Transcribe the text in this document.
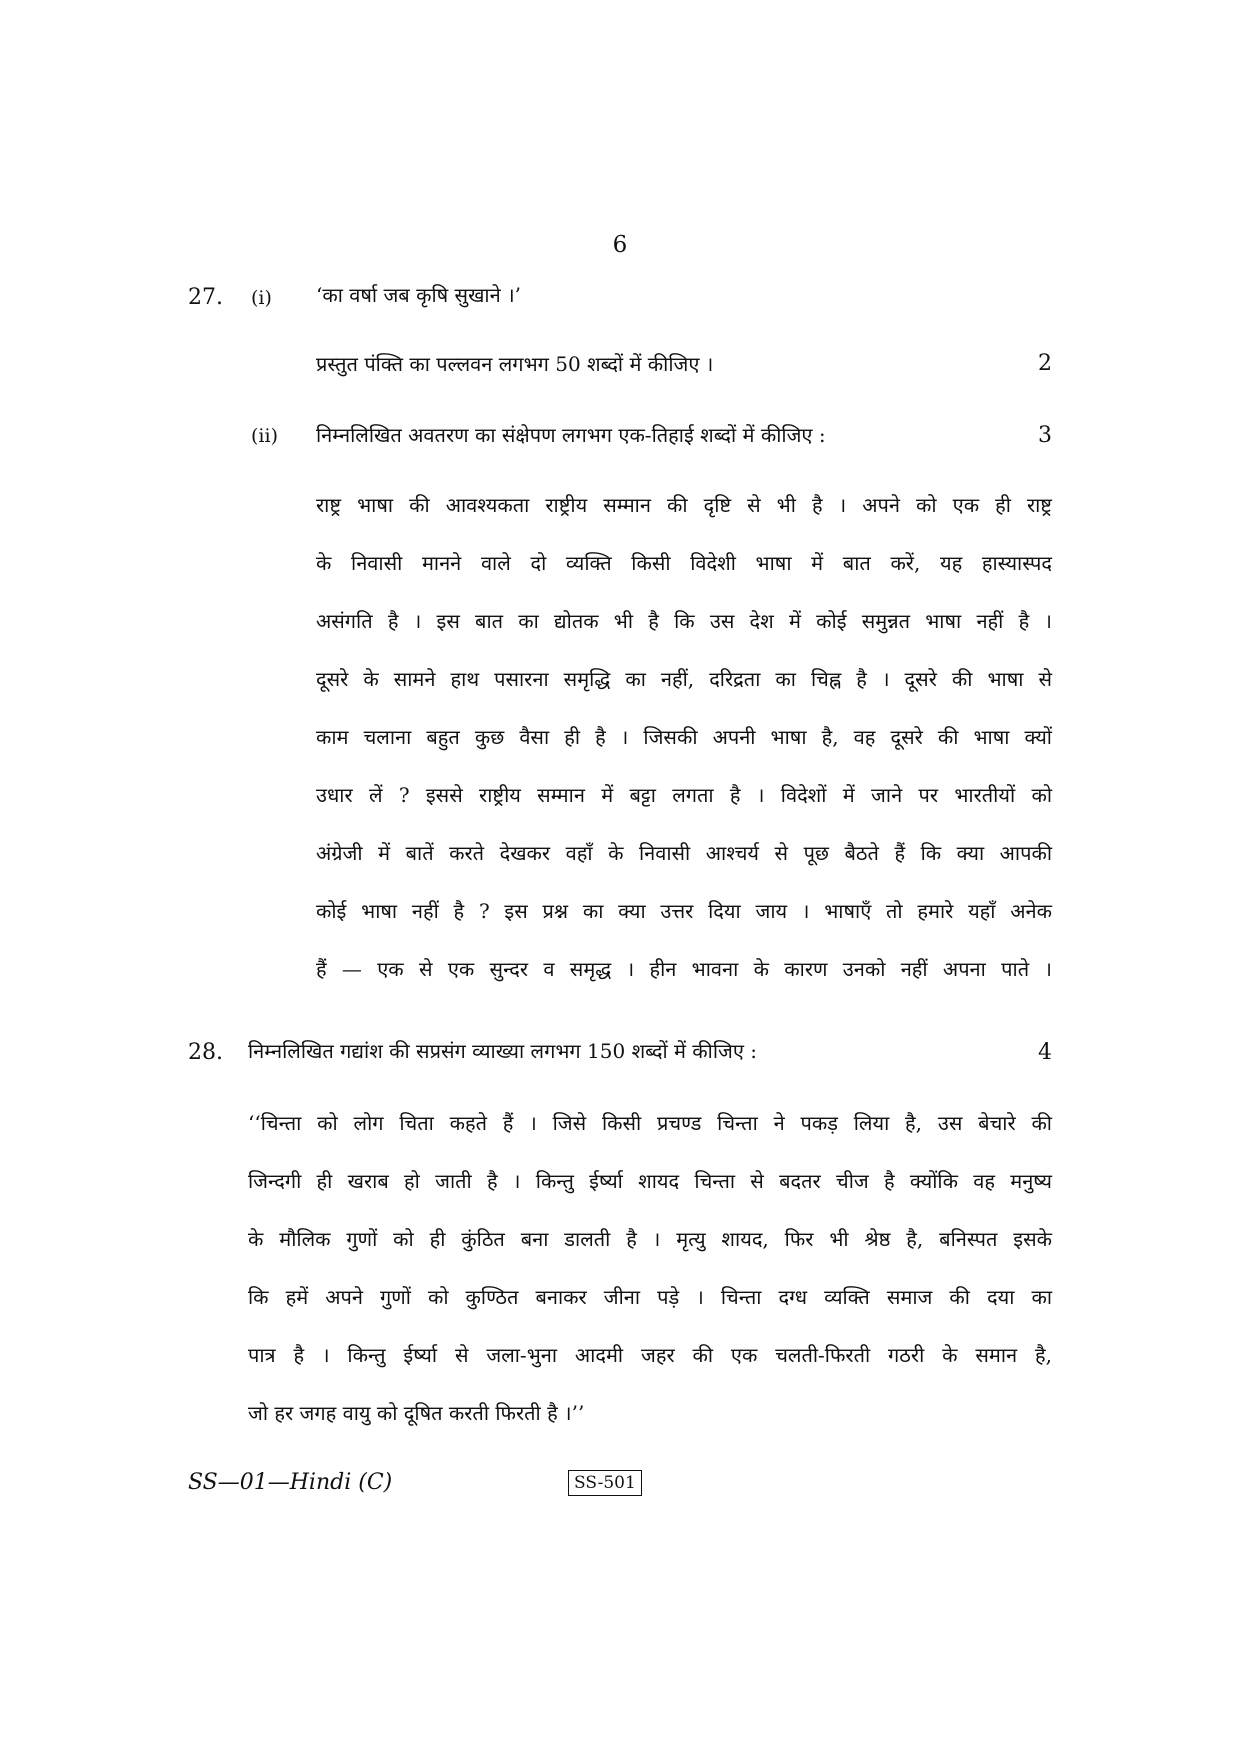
6
27. (i) ‘का वर्षा जब कृषि सुखाने ।’
प्रस्तुत पंक्ति का पल्लवन लगभग 50 शब्दों में कीजिए ।	2
(ii) निम्नलिखित अवतरण का संक्षेपण लगभग एक-तिहाई शब्दों में कीजिए :	3
राष्ट्र भाषा की आवश्यकता राष्ट्रीय सम्मान की दृष्टि से भी है । अपने को एक ही राष्ट्र
के निवासी मानने वाले दो व्यक्ति किसी विदेशी भाषा में बात करें, यह हास्यास्पद
असंगति है । इस बात का द्योतक भी है कि उस देश में कोई समुन्नत भाषा नहीं है ।
दूसरे के सामने हाथ पसारना समृद्धि का नहीं, दरिद्रता का चिह्न है । दूसरे की भाषा से
काम चलाना बहुत कुछ वैसा ही है । जिसकी अपनी भाषा है, वह दूसरे की भाषा क्यों
उधार लें ? इससे राष्ट्रीय सम्मान में बट्टा लगता है । विदेशों में जाने पर भारतीयों को
अंग्रेजी में बातें करते देखकर वहाँ के निवासी आश्चर्य से पूछ बैठते हैं कि क्या आपकी
कोई भाषा नहीं है ? इस प्रश्न का क्या उत्तर दिया जाय । भाषाएँ तो हमारे यहाँ अनेक
हैं — एक से एक सुन्दर व समृद्ध । हीन भावना के कारण उनको नहीं अपना पाते ।
28. निम्नलिखित गद्यांश की सप्रसंग व्याख्या लगभग 150 शब्दों में कीजिए :	4
‘‘चिन्ता को लोग चिता कहते हैं । जिसे किसी प्रचण्ड चिन्ता ने पकड़ लिया है, उस बेचारे की
जिन्दगी ही खराब हो जाती है । किन्तु ईर्ष्या शायद चिन्ता से बदतर चीज है क्योंकि वह मनुष्य
के मौलिक गुणों को ही कुंठित बना डालती है । मृत्यु शायद, फिर भी श्रेष्ठ है, बनिस्पत इसके
कि हमें अपने गुणों को कुण्ठित बनाकर जीना पड़े । चिन्ता दग्ध व्यक्ति समाज की दया का
पात्र है । किन्तु ईर्ष्या से जला-भुना आदमी जहर की एक चलती-फिरती गठरी के समान है,
जो हर जगह वायु को दूषित करती फिरती है ।’’
SS—01—Hindi (C)	SS-501
